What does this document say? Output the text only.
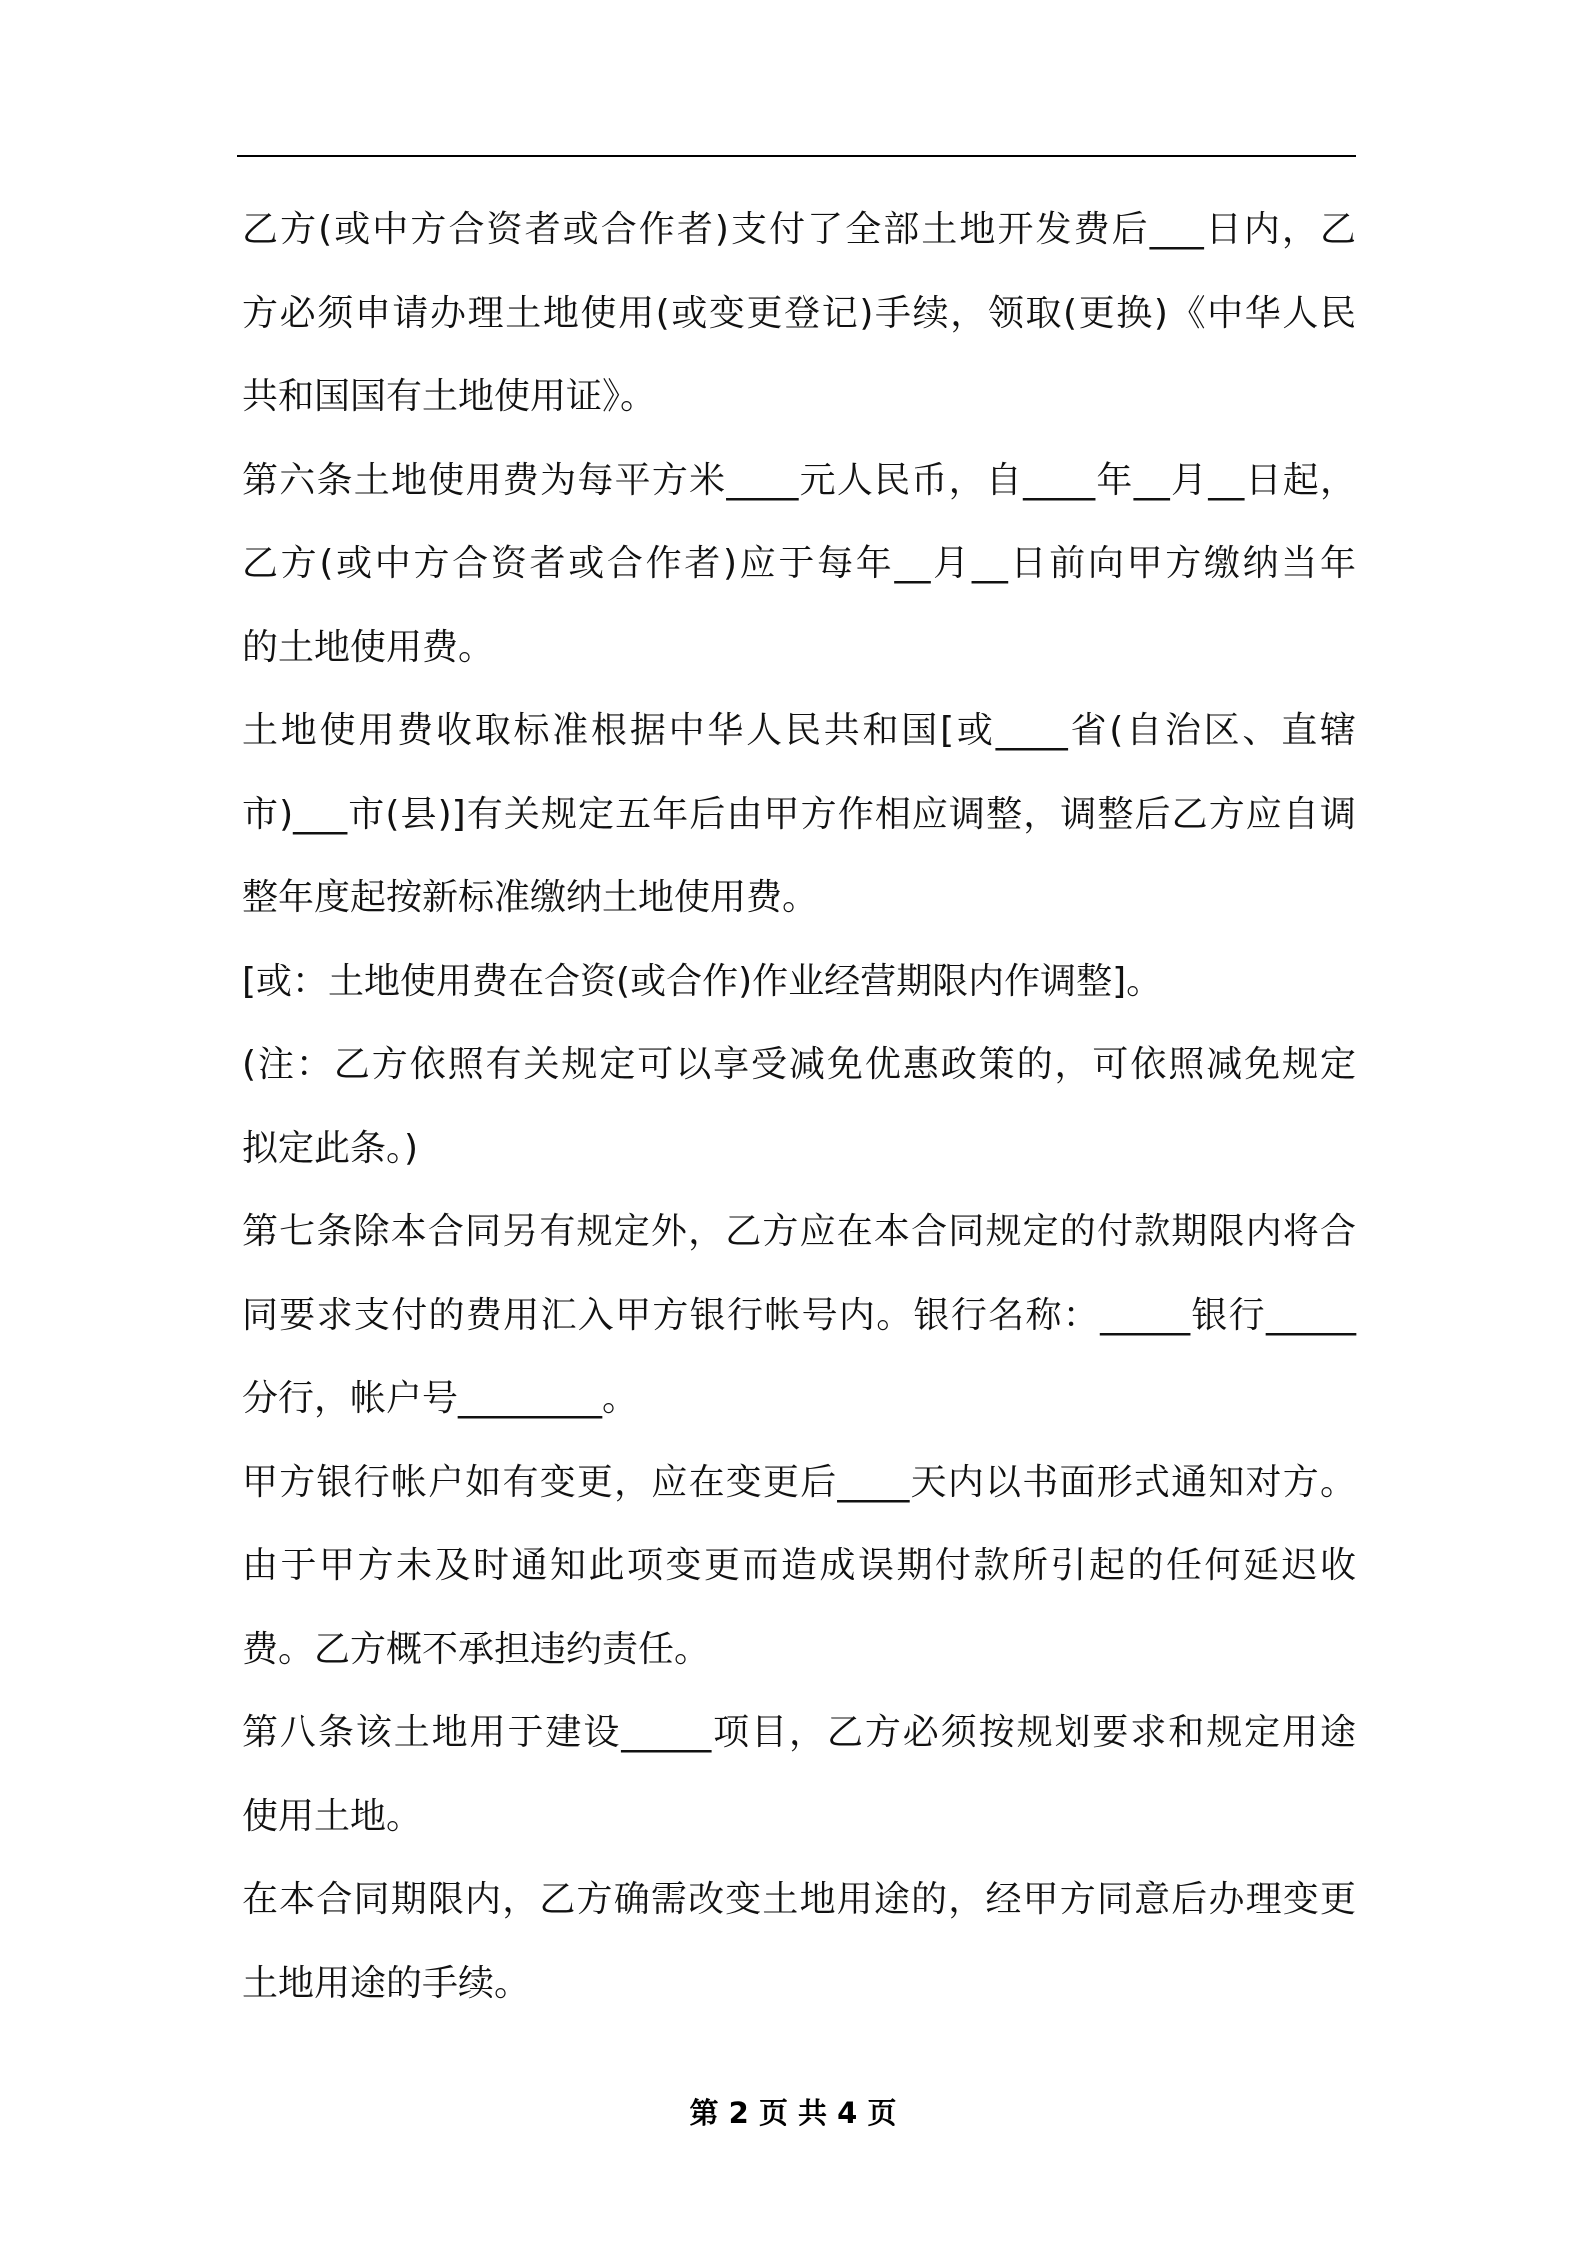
乙方(或中方合资者或合作者)支付了全部土地开发费后___日内，乙
方必须申请办理土地使用(或变更登记)手续，领取(更换)《中华人民
共和国国有土地使用证》。
第六条土地使用费为每平方米____元人民币，自____年__月__日起，
乙方(或中方合资者或合作者)应于每年__月__日前向甲方缴纳当年
的土地使用费。
土地使用费收取标准根据中华人民共和国[或____省(自治区、直辖
市)___市(县)]有关规定五年后由甲方作相应调整，调整后乙方应自调
整年度起按新标准缴纳土地使用费。
[或：土地使用费在合资(或合作)作业经营期限内作调整]。
(注：乙方依照有关规定可以享受减免优惠政策的，可依照减免规定
拟定此条。)
第七条除本合同另有规定外，乙方应在本合同规定的付款期限内将合
同要求支付的费用汇入甲方银行帐号内。银行名称：_____银行_____
分行，帐户号________。
甲方银行帐户如有变更，应在变更后____天内以书面形式通知对方。
由于甲方未及时通知此项变更而造成误期付款所引起的任何延迟收
费。乙方概不承担违约责任。
第八条该土地用于建设_____项目，乙方必须按规划要求和规定用途
使用土地。
在本合同期限内，乙方确需改变土地用途的，经甲方同意后办理变更
土地用途的手续。
第 2 页 共 4 页
